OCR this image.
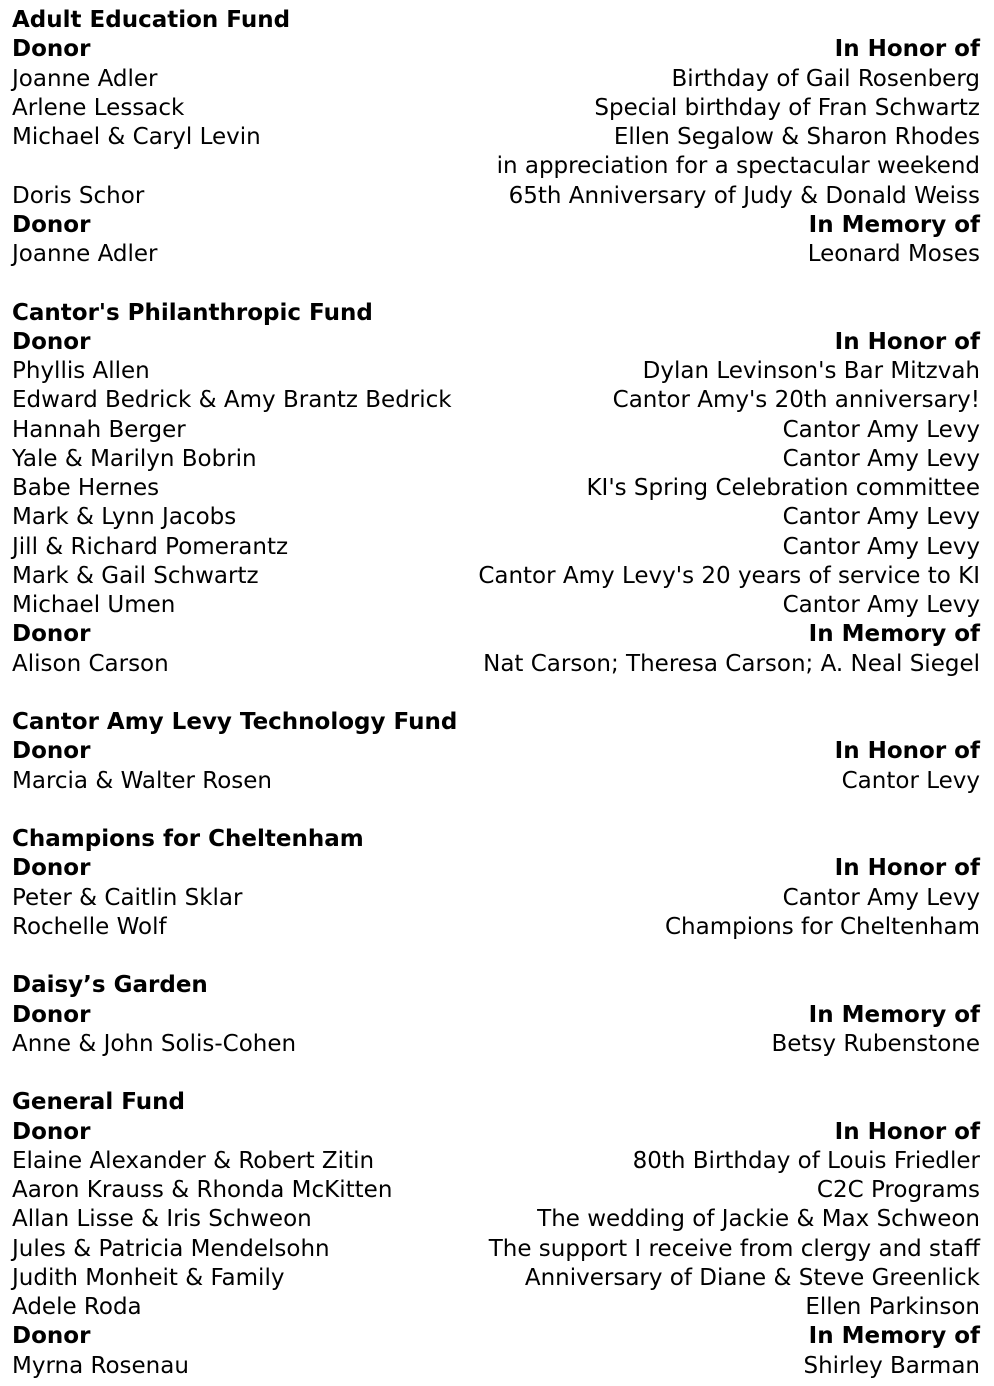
Adult Education Fund
Donor	In Honor of
Joanne Adler	Birthday of Gail Rosenberg
Arlene Lessack	Special birthday of Fran Schwartz
Michael & Caryl Levin	Ellen Segalow & Sharon Rhodes
in appreciation for a spectacular weekend
Doris Schor	65th Anniversary of Judy & Donald Weiss
Donor	In Memory of
Joanne Adler	Leonard Moses
Cantor's Philanthropic Fund
Donor	In Honor of
Phyllis Allen	Dylan Levinson's Bar Mitzvah
Edward Bedrick & Amy Brantz Bedrick	Cantor Amy's 20th anniversary!
Hannah Berger	Cantor Amy Levy
Yale & Marilyn Bobrin	Cantor Amy Levy
Babe Hernes	KI's Spring Celebration committee
Mark & Lynn Jacobs	Cantor Amy Levy
Jill & Richard Pomerantz	Cantor Amy Levy
Mark & Gail Schwartz	Cantor Amy Levy's 20 years of service to KI
Michael Umen	Cantor Amy Levy
Donor	In Memory of
Alison Carson	Nat Carson; Theresa Carson; A. Neal Siegel
Cantor Amy Levy Technology Fund
Donor	In Honor of
Marcia & Walter Rosen	Cantor Levy
Champions for Cheltenham
Donor	In Honor of
Peter & Caitlin Sklar	Cantor Amy Levy
Rochelle Wolf	Champions for Cheltenham
Daisy’s Garden
Donor	In Memory of
Anne & John Solis-Cohen	Betsy Rubenstone
General Fund
Donor	In Honor of
Elaine Alexander & Robert Zitin	80th Birthday of Louis Friedler
Aaron Krauss & Rhonda McKitten	C2C Programs
Allan Lisse & Iris Schweon	The wedding of Jackie & Max Schweon
Jules & Patricia Mendelsohn	The support I receive from clergy and staff
Judith Monheit & Family	Anniversary of Diane & Steve Greenlick
Adele Roda	Ellen Parkinson
Donor	In Memory of
Myrna Rosenau	Shirley Barman
